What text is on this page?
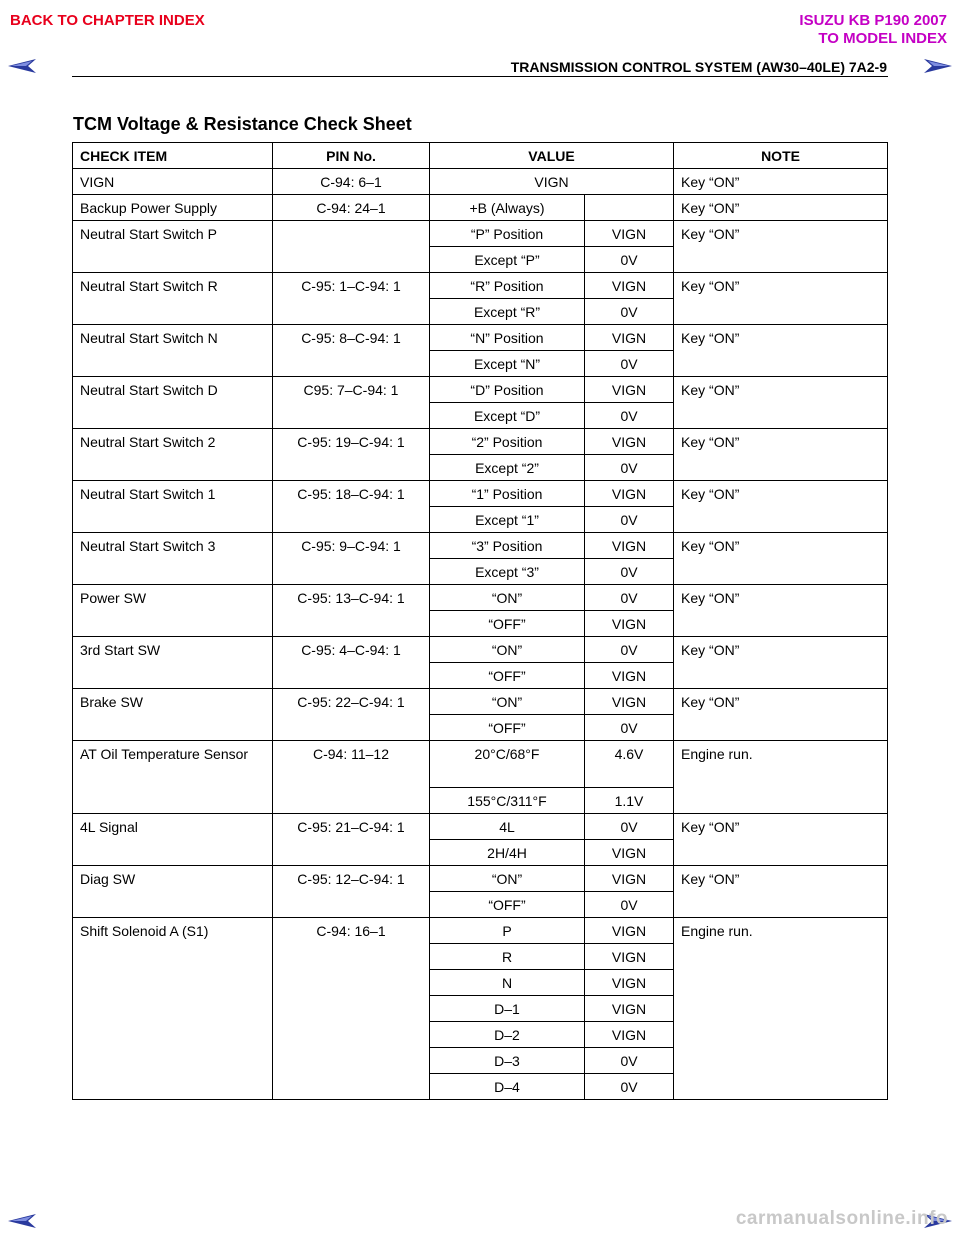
BACK TO CHAPTER INDEX	ISUZU KB P190 2007
TO MODEL INDEX
TRANSMISSION CONTROL SYSTEM (AW30–40LE) 7A2-9
TCM Voltage & Resistance Check Sheet
CHECK ITEM	PIN No.	VALUE		NOTE
VIGN	C-94: 6–1	VIGN		Key “ON”
Backup Power Supply	C-94: 24–1	+B (Always)		Key “ON”
Neutral Start Switch P		“P” Position	VIGN	Key “ON”
		Except “P”	0V	
Neutral Start Switch R	C-95: 1–C-94: 1	“R” Position	VIGN	Key “ON”
		Except “R”	0V	
Neutral Start Switch N	C-95: 8–C-94: 1	“N” Position	VIGN	Key “ON”
		Except “N”	0V	
Neutral Start Switch D	C95: 7–C-94: 1	“D” Position	VIGN	Key “ON”
		Except “D”	0V	
Neutral Start Switch 2	C-95: 19–C-94: 1	“2” Position	VIGN	Key “ON”
		Except “2”	0V	
Neutral Start Switch 1	C-95: 18–C-94: 1	“1” Position	VIGN	Key “ON”
		Except “1”	0V	
Neutral Start Switch 3	C-95: 9–C-94: 1	“3” Position	VIGN	Key “ON”
		Except “3”	0V	
Power SW	C-95: 13–C-94: 1	“ON”	0V	Key “ON”
		“OFF”	VIGN	
3rd Start SW	C-95: 4–C-94: 1	“ON”	0V	Key “ON”
		“OFF”	VIGN	
Brake SW	C-95: 22–C-94: 1	“ON”	VIGN	Key “ON”
		“OFF”	0V	
AT Oil Temperature Sensor	C-94: 11–12	20°C/68°F	4.6V	Engine run.
		155°C/311°F	1.1V	
4L Signal	C-95: 21–C-94: 1	4L	0V	Key “ON”
		2H/4H	VIGN	
Diag SW	C-95: 12–C-94: 1	“ON”	VIGN	Key “ON”
		“OFF”	0V	
Shift Solenoid A (S1)	C-94: 16–1	P	VIGN	Engine run.
		R	VIGN	
		N	VIGN	
		D–1	VIGN	
		D–2	VIGN	
		D–3	0V	
		D–4	0V	
carmanualsonline.info
